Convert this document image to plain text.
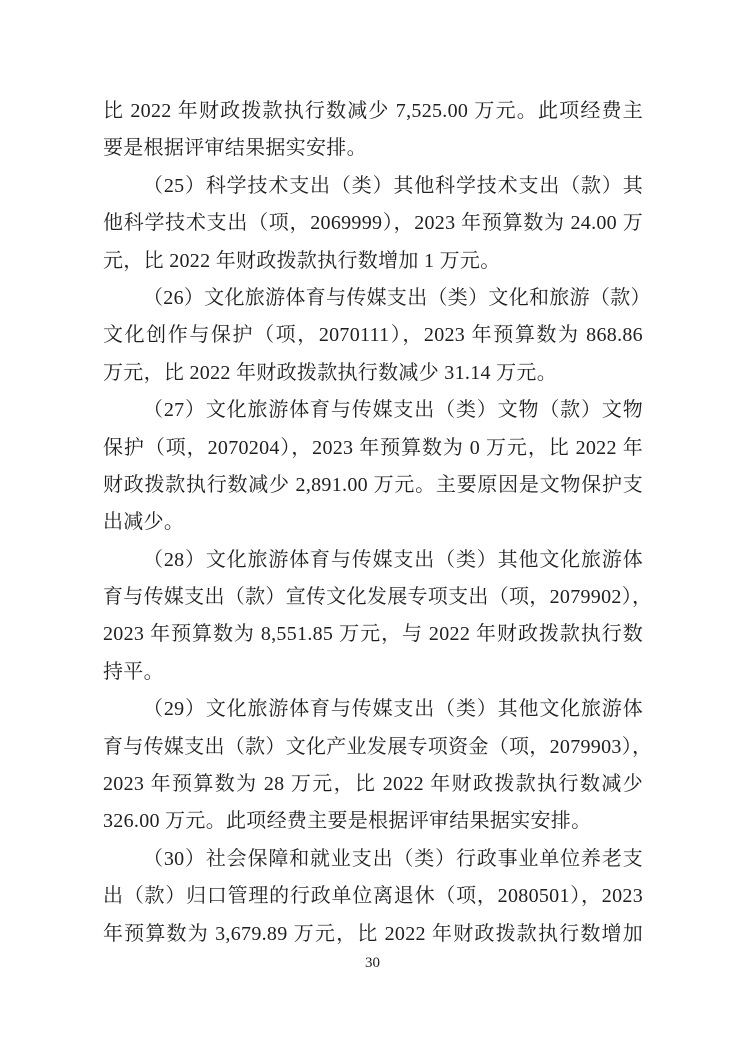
比 2022 年财政拨款执行数减少 7,525.00 万元。此项经费主
要是根据评审结果据实安排。
（25）科学技术支出（类）其他科学技术支出（款）其
他科学技术支出（项，2069999），2023 年预算数为 24.00 万
元，比 2022 年财政拨款执行数增加 1 万元。
（26）文化旅游体育与传媒支出（类）文化和旅游（款）
文化创作与保护（项，2070111），2023 年预算数为 868.86
万元，比 2022 年财政拨款执行数减少 31.14 万元。
（27）文化旅游体育与传媒支出（类）文物（款）文物
保护（项，2070204），2023 年预算数为 0 万元，比 2022 年
财政拨款执行数减少 2,891.00 万元。主要原因是文物保护支
出减少。
（28）文化旅游体育与传媒支出（类）其他文化旅游体
育与传媒支出（款）宣传文化发展专项支出（项，2079902），
2023 年预算数为 8,551.85 万元，与 2022 年财政拨款执行数
持平。
（29）文化旅游体育与传媒支出（类）其他文化旅游体
育与传媒支出（款）文化产业发展专项资金（项，2079903），
2023 年预算数为 28 万元，比 2022 年财政拨款执行数减少
326.00 万元。此项经费主要是根据评审结果据实安排。
（30）社会保障和就业支出（类）行政事业单位养老支
出（款）归口管理的行政单位离退休（项，2080501），2023
年预算数为 3,679.89 万元，比 2022 年财政拨款执行数增加
30
